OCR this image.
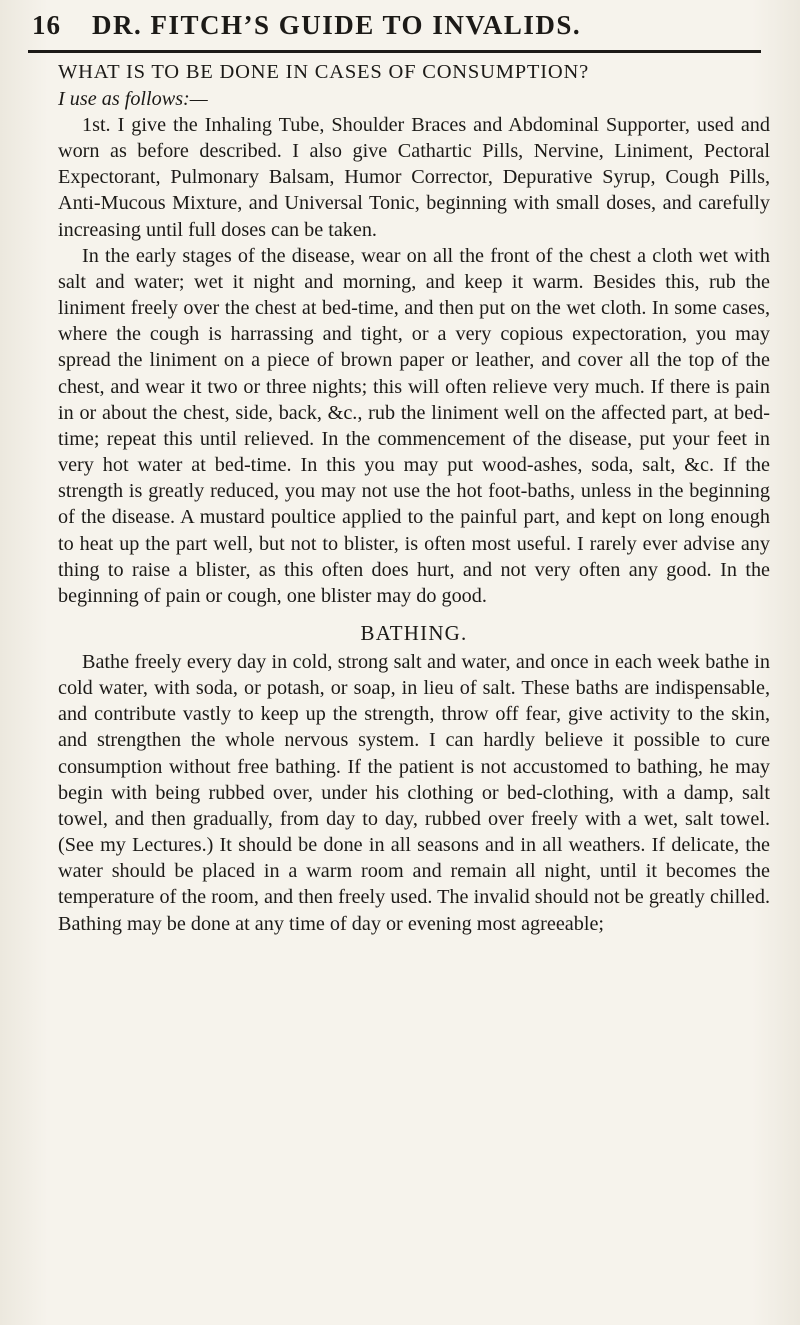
16 DR. FITCH’S GUIDE TO INVALIDS.
WHAT IS TO BE DONE IN CASES OF CONSUMPTION?
I use as follows:—

1st. I give the Inhaling Tube, Shoulder Braces and Abdominal Supporter, used and worn as before described. I also give Cathartic Pills, Nervine, Liniment, Pectoral Expectorant, Pulmonary Balsam, Humor Corrector, Depurative Syrup, Cough Pills, Anti-Mucous Mixture, and Universal Tonic, beginning with small doses, and carefully increasing until full doses can be taken.

In the early stages of the disease, wear on all the front of the chest a cloth wet with salt and water; wet it night and morning, and keep it warm. Besides this, rub the liniment freely over the chest at bed-time, and then put on the wet cloth. In some cases, where the cough is harrassing and tight, or a very copious expectoration, you may spread the liniment on a piece of brown paper or leather, and cover all the top of the chest, and wear it two or three nights; this will often relieve very much. If there is pain in or about the chest, side, back, &c., rub the liniment well on the affected part, at bed-time; repeat this until relieved. In the commencement of the disease, put your feet in very hot water at bed-time. In this you may put wood-ashes, soda, salt, &c. If the strength is greatly reduced, you may not use the hot foot-baths, unless in the beginning of the disease. A mustard poultice applied to the painful part, and kept on long enough to heat up the part well, but not to blister, is often most useful. I rarely ever advise any thing to raise a blister, as this often does hurt, and not very often any good. In the beginning of pain or cough, one blister may do good.

BATHING.

Bathe freely every day in cold, strong salt and water, and once in each week bathe in cold water, with soda, or potash, or soap, in lieu of salt. These baths are indispensable, and contribute vastly to keep up the strength, throw off fear, give activity to the skin, and strengthen the whole nervous system. I can hardly believe it possible to cure consumption without free bathing. If the patient is not accustomed to bathing, he may begin with being rubbed over, under his clothing or bed-clothing, with a damp, salt towel, and then gradually, from day to day, rubbed over freely with a wet, salt towel. (See my Lectures.) It should be done in all seasons and in all weathers. If delicate, the water should be placed in a warm room and remain all night, until it becomes the temperature of the room, and then freely used. The invalid should not be greatly chilled. Bathing may be done at any time of day or evening most agreeable;
